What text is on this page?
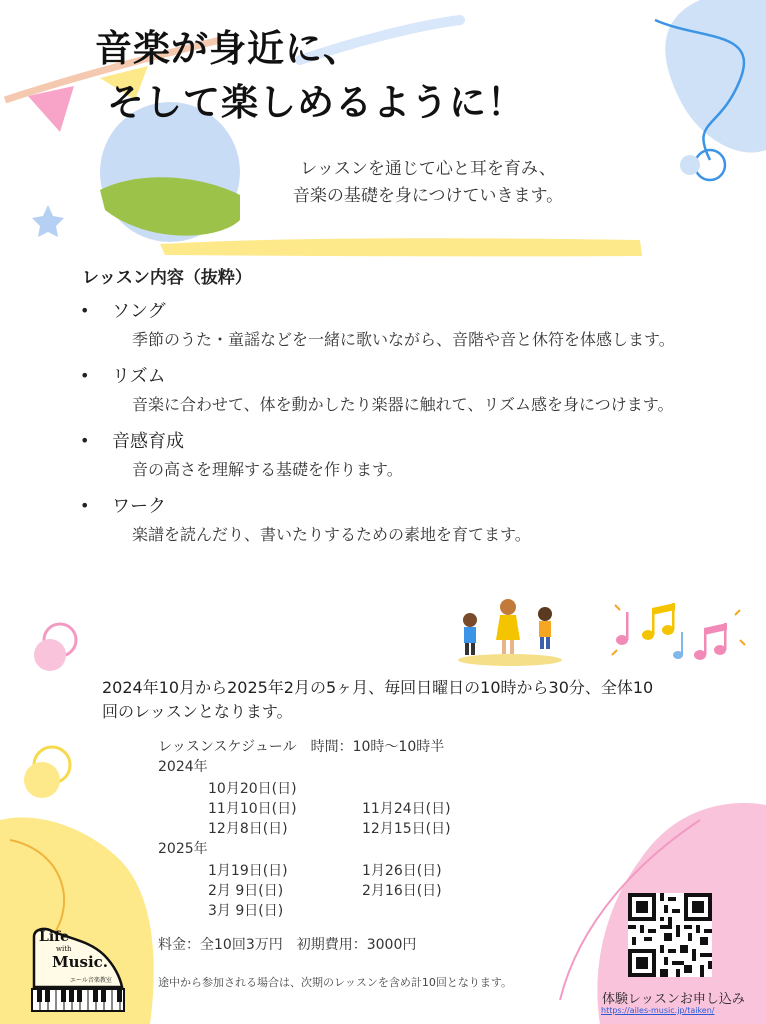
音楽が身近に、
そして楽しめるように！
レッスンを通じて心と耳を育み、
音楽の基礎を身につけていきます。
レッスン内容（抜粋）
•	ソング
季節のうた・童謡などを一緒に歌いながら、音階や音と休符を体感します。
•	リズム
音楽に合わせて、体を動かしたり楽器に触れて、リズム感を身につけます。
•	音感育成
音の高さを理解する基礎を作ります。
•	ワーク
楽譜を読んだり、書いたりするための素地を育てます。
2024年10月から2025年2月の5ヶ月、毎回日曜日の10時から30分、全体10回のレッスンとなります。
レッスンスケジュール　時間：10時〜10時半
2024年
10月20日(日)
11月10日(日)	11月24日(日)
12月8日(日)	12月15日(日)
2025年
1月19日(日)	1月26日(日)
2月 9日(日)	2月16日(日)
3月 9日(日)
料金：全10回3万円　初期費用：3000円
途中から参加される場合は、次期のレッスンを含め計10回となります。
体験レッスンお申し込み
https://ailes-music.jp/taiken/
Life
with
Music.
エール音楽教室
